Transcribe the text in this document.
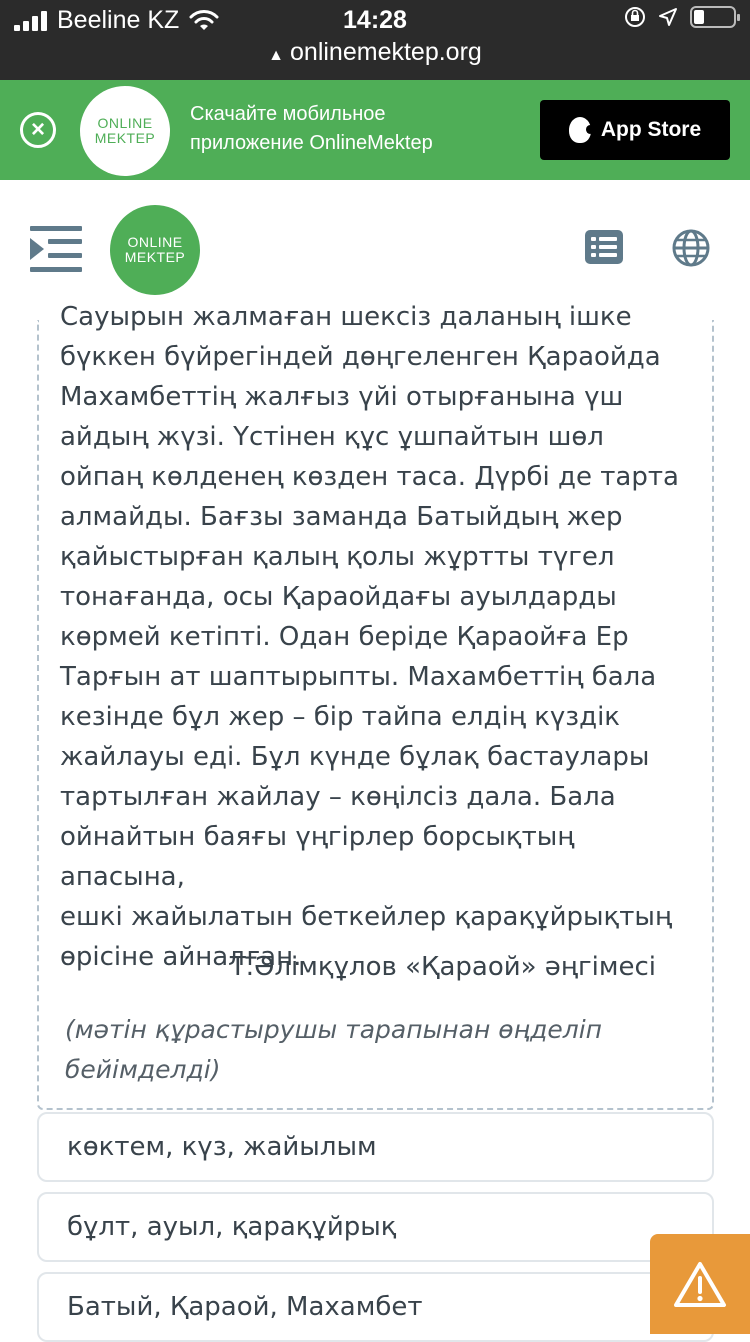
Beeline KZ	14:28
▲ onlinemektep.org
×	ONLINE
MEKTEP
Скачайте мобильное
приложение OnlineMektep
App Store
ONLINE
MEKTEP
Сауырын жалмаған шексіз даланың ішке
бүккен бүйрегіндей дөңгеленген Қараойда
Махамбеттің жалғыз үйі отырғанына үш
айдың жүзі. Үстінен құс ұшпайтын шөл
ойпаң көлденең көзден таса. Дүрбі де тарта
алмайды. Бағзы заманда Батыйдың жер
қайыстырған қалың қолы жұртты түгел
тонағанда, осы Қараойдағы ауылдарды
көрмей кетіпті. Одан беріде Қараойға Ер
Тарғын ат шаптырыпты. Махамбеттің бала
кезінде бұл жер – бір тайпа елдің күздік
жайлауы еді. Бұл күнде бұлақ бастаулары
тартылған жайлау – көңілсіз дала. Бала
ойнайтын баяғы үңгірлер борсықтың апасына,
ешкі жайылатын беткейлер қарақұйрықтың
өрісіне айналған.
Т.Әлімқұлов «Қараой» әңгімесі
(мәтін құрастырушы тарапынан өңделіп бейімделді)
көктем, күз, жайылым
бұлт, ауыл, қарақұйрық
Батый, Қараой, Махамбет
